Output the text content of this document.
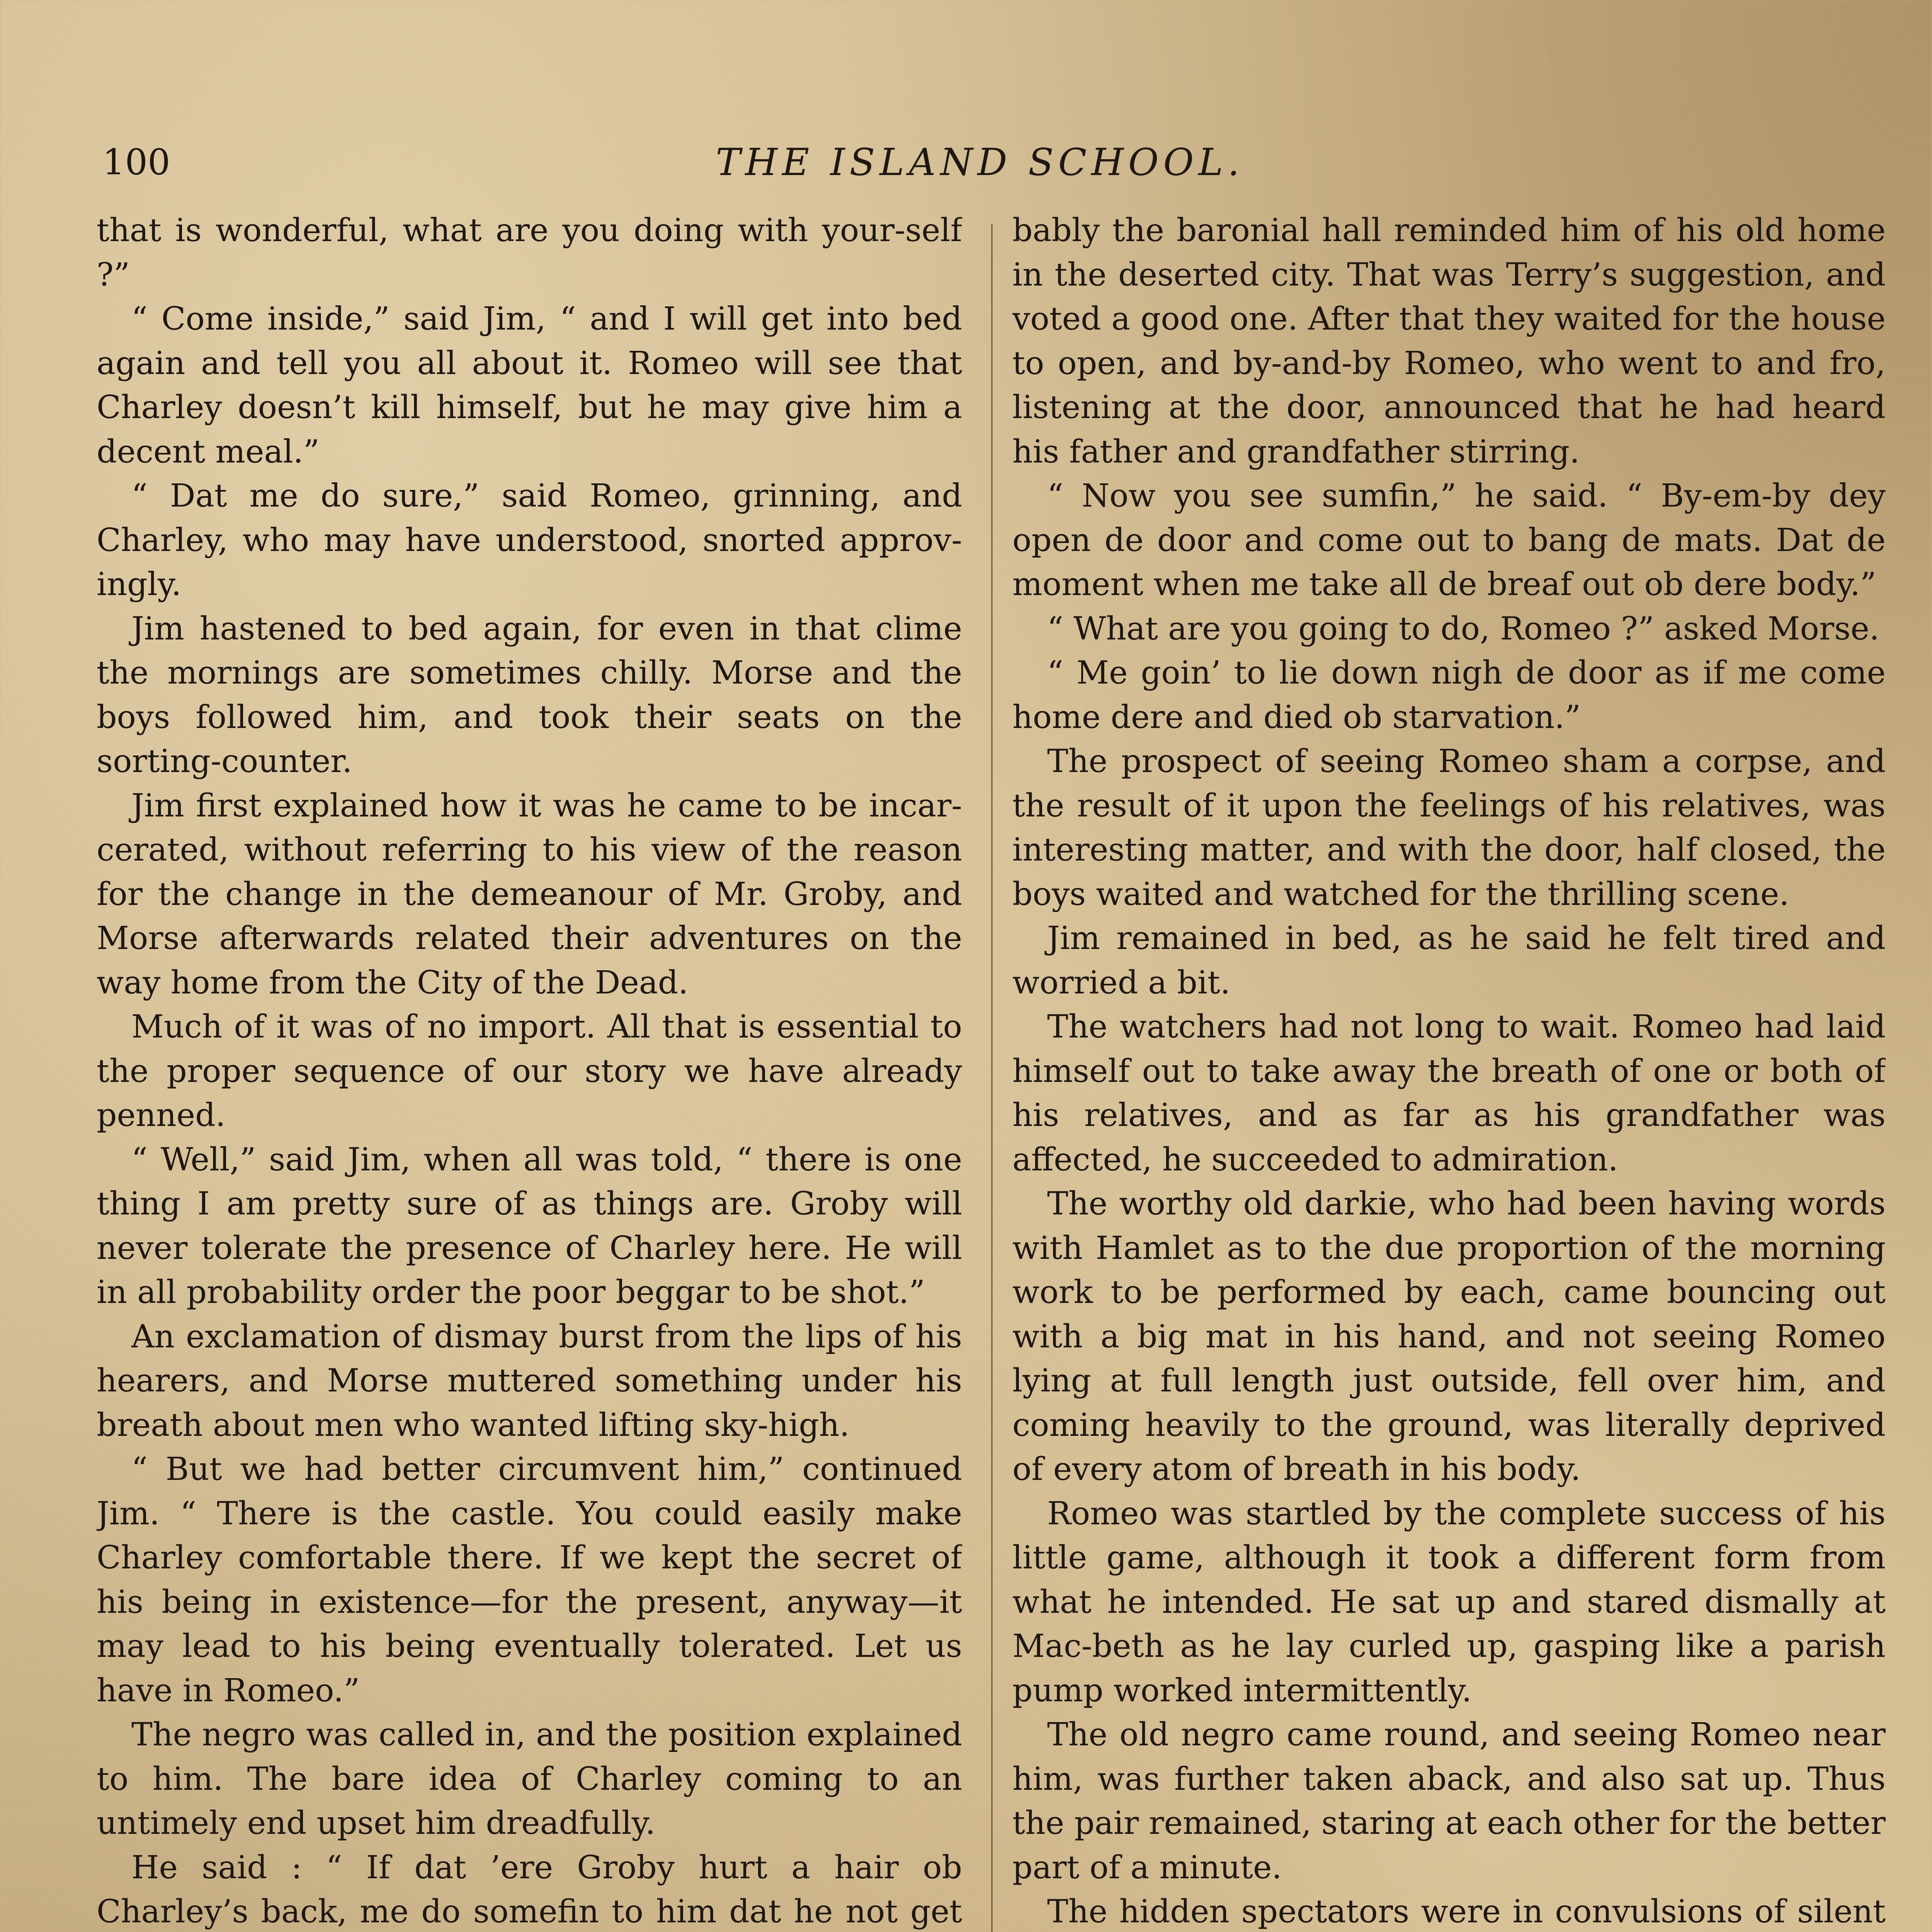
100	THE ISLAND SCHOOL.

that is wonderful, what are you doing with your-self ?”

“ Come inside,” said Jim, “ and I will get into bed again and tell you all about it. Romeo will see that Charley doesn’t kill himself, but he may give him a decent meal.”

“ Dat me do sure,” said Romeo, grinning, and Charley, who may have understood, snorted approv-ingly.

Jim hastened to bed again, for even in that clime the mornings are sometimes chilly. Morse and the boys followed him, and took their seats on the sorting-counter.

Jim first explained how it was he came to be incar-cerated, without referring to his view of the reason for the change in the demeanour of Mr. Groby, and Morse afterwards related their adventures on the way home from the City of the Dead.

Much of it was of no import. All that is essential to the proper sequence of our story we have already penned.

“ Well,” said Jim, when all was told, “ there is one thing I am pretty sure of as things are. Groby will never tolerate the presence of Charley here. He will in all probability order the poor beggar to be shot.”

An exclamation of dismay burst from the lips of his hearers, and Morse muttered something under his breath about men who wanted lifting sky-high.

“ But we had better circumvent him,” continued Jim. “ There is the castle. You could easily make Charley comfortable there. If we kept the secret of his being in existence—for the present, anyway—it may lead to his being eventually tolerated. Let us have in Romeo.”

The negro was called in, and the position explained to him. The bare idea of Charley coming to an untimely end upset him dreadfully.

He said : “ If dat ’ere Groby hurt a hair ob Charley’s back, me do somefin to him dat he not get

bably the baronial hall reminded him of his old home in the deserted city. That was Terry’s suggestion, and voted a good one. After that they waited for the house to open, and by-and-by Romeo, who went to and fro, listening at the door, announced that he had heard his father and grandfather stirring.

“ Now you see sumfin,” he said. “ By-em-by dey open de door and come out to bang de mats. Dat de moment when me take all de breaf out ob dere body.”

“ What are you going to do, Romeo ?” asked Morse.

“ Me goin’ to lie down nigh de door as if me come home dere and died ob starvation.”

The prospect of seeing Romeo sham a corpse, and the result of it upon the feelings of his relatives, was interesting matter, and with the door, half closed, the boys waited and watched for the thrilling scene.

Jim remained in bed, as he said he felt tired and worried a bit.

The watchers had not long to wait. Romeo had laid himself out to take away the breath of one or both of his relatives, and as far as his grandfather was affected, he succeeded to admiration.

The worthy old darkie, who had been having words with Hamlet as to the due proportion of the morning work to be performed by each, came bouncing out with a big mat in his hand, and not seeing Romeo lying at full length just outside, fell over him, and coming heavily to the ground, was literally deprived of every atom of breath in his body.

Romeo was startled by the complete success of his little game, although it took a different form from what he intended. He sat up and stared dismally at Mac-beth as he lay curled up, gasping like a parish pump worked intermittently.

The old negro came round, and seeing Romeo near him, was further taken aback, and also sat up. Thus the pair remained, staring at each other for the better part of a minute.

The hidden spectators were in convulsions of silent
